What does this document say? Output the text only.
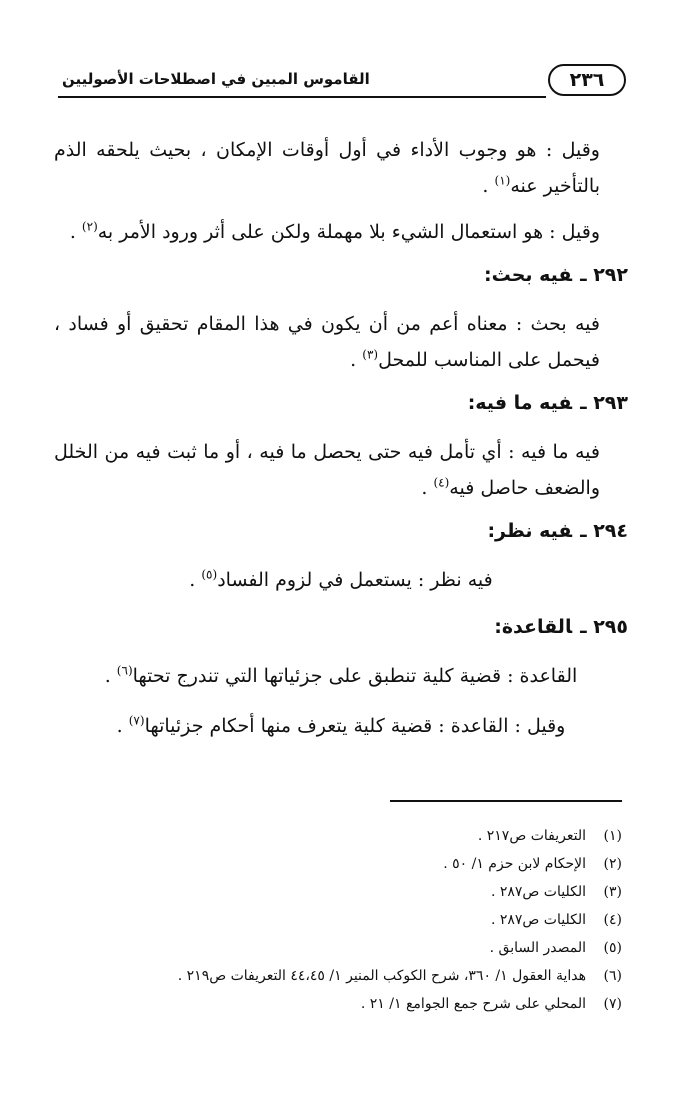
٢٣٦
القاموس المبين في اصطلاحات الأصوليين

وقيل : هو وجوب الأداء في أول أوقات الإمكان ، بحيث يلحقه الذم بالتأخير عنه$^{(١)}$ .

وقيل : هو استعمال الشيء بلا مهملة ولكن على أثر ورود الأمر به$^{(٢)}$ .

٢٩٢ ـفيه بحث:

فيه بحث : معناه أعم من أن يكون في هذا المقام تحقيق أو فساد ، فيحمل على المناسب للمحل$^{(٣)}$ .

٢٩٣ ـفيه ما فيه:

فيه ما فيه : أي تأمل فيه حتى يحصل ما فيه ، أو ما ثبت فيه من الخلل والضعف حاصل فيه$^{(٤)}$ .

٢٩٤ ـفيه نظر:

فيه نظر : يستعمل في لزوم الفساد$^{(٥)}$ .

٢٩٥ ـالقاعدة:

القاعدة : قضية كلية تنطبق على جزئياتها التي تندرج تحتها$^{(٦)}$ .

وقيل : القاعدة : قضية كلية يتعرف منها أحكام جزئياتها$^{(٧)}$ .

(١)
التعريفات ص٢١٧ .
(٢)
الإحكام لابن حزم ١/ ٥٠ .
(٣)
الكليات ص٢٨٧ .
(٤)
الكليات ص٢٨٧ .
(٥)
المصدر السابق .
(٦)
هداية العقول ١/ ٣٦٠، شرح الكوكب المنير ١/ ٤٤،٤٥ التعريفات ص٢١٩ .
(٧)
المحلي على شرح جمع الجوامع ١/ ٢١ .
